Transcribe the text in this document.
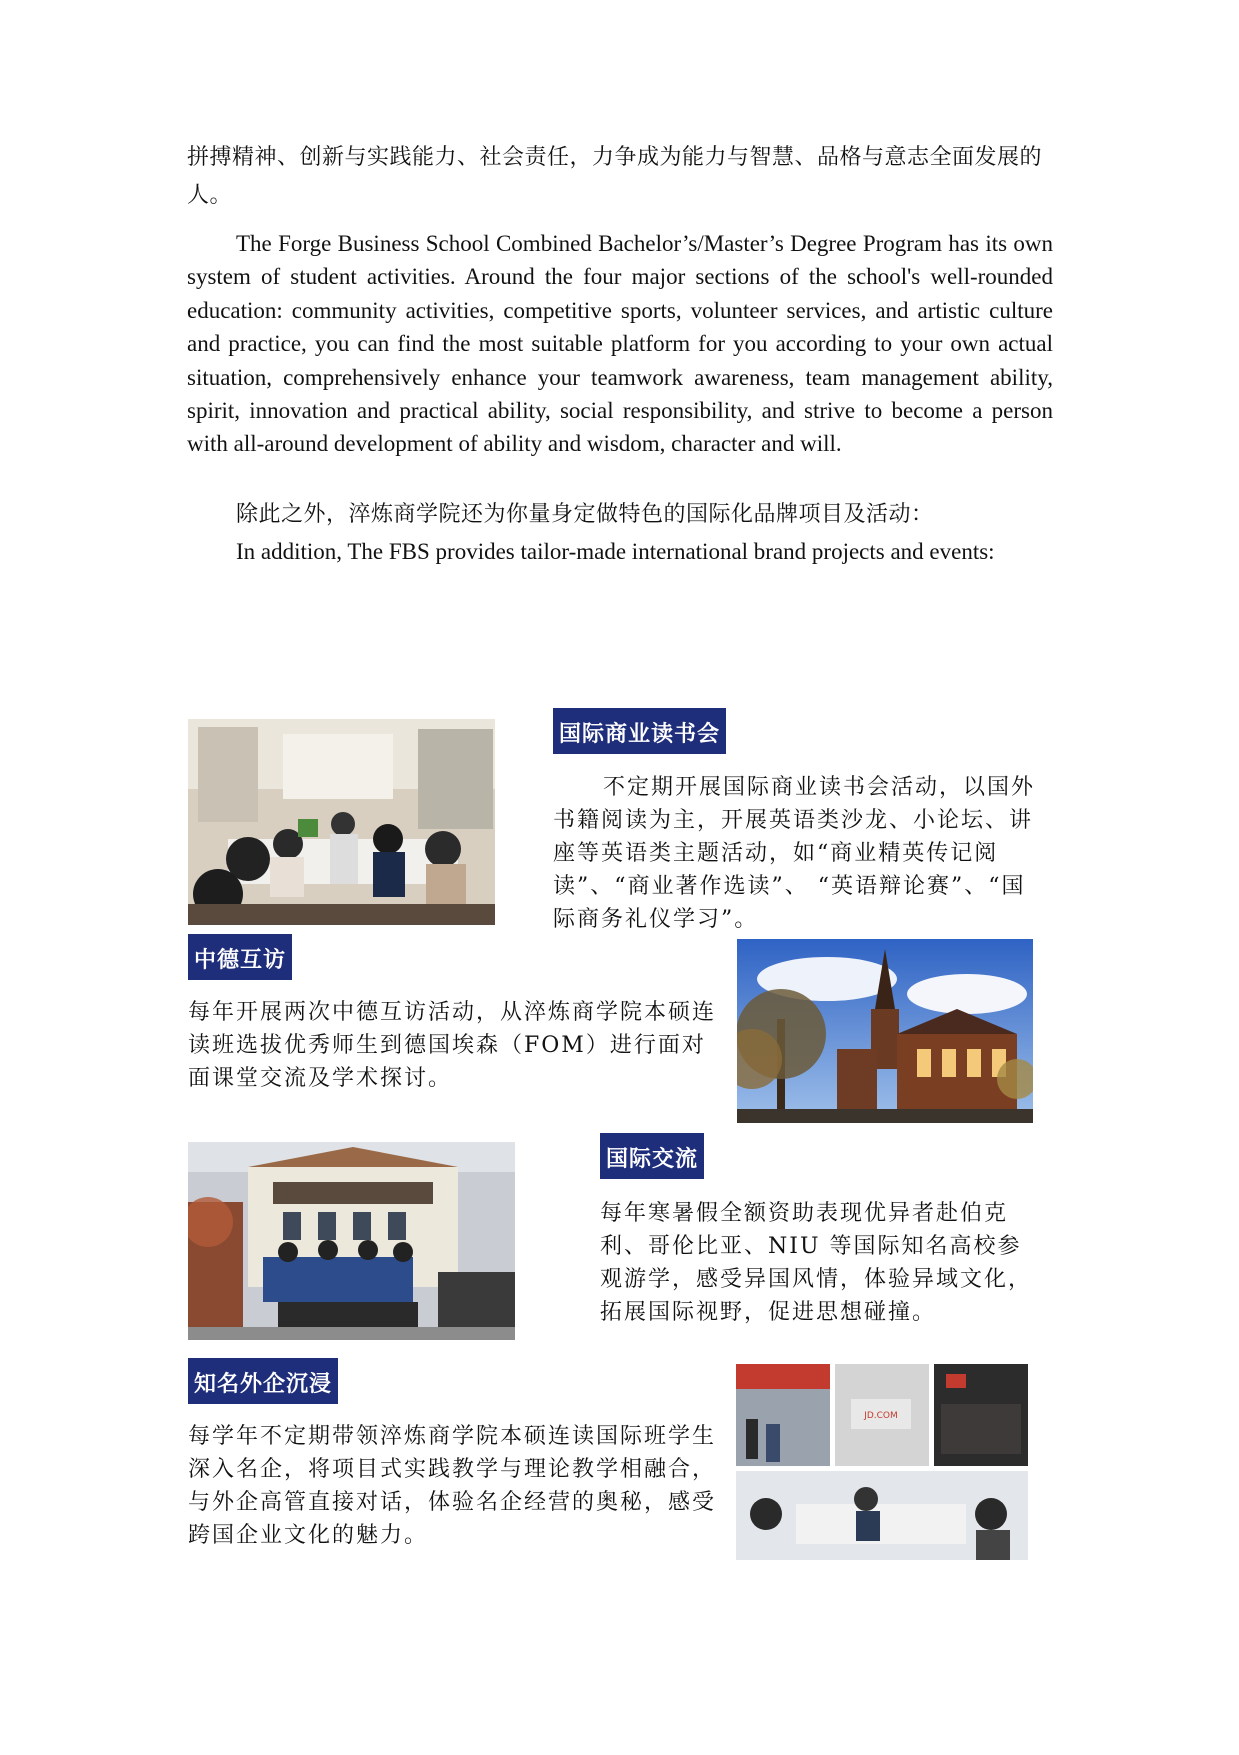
拼搏精神、创新与实践能力、社会责任，力争成为能力与智慧、品格与意志全面发展的人。

The Forge Business School Combined Bachelor’s/Master’s Degree Program has its own system of student activities. Around the four major sections of the school's well-rounded education: community activities, competitive sports, volunteer services, and artistic culture and practice, you can find the most suitable platform for you according to your own actual situation, comprehensively enhance your teamwork awareness, team management ability, spirit, innovation and practical ability, social responsibility, and strive to become a person with all-around development of ability and wisdom, character and will.

除此之外，淬炼商学院还为你量身定做特色的国际化品牌项目及活动：

In addition, The FBS provides tailor-made international brand projects and events:

国际商业读书会

不定期开展国际商业读书会活动，以国外书籍阅读为主，开展英语类沙龙、小论坛、讲座等英语类主题活动，如“商业精英传记阅读”、“商业著作选读”、 “英语辩论赛”、“国际商务礼仪学习”。

中德互访

每年开展两次中德互访活动，从淬炼商学院本硕连读班选拔优秀师生到德国埃森（FOM）进行面对面课堂交流及学术探讨。

国际交流

每年寒暑假全额资助表现优异者赴伯克利、哥伦比亚、NIU 等国际知名高校参观游学，感受异国风情，体验异域文化，拓展国际视野，促进思想碰撞。

知名外企沉浸

每学年不定期带领淬炼商学院本硕连读国际班学生深入名企，将项目式实践教学与理论教学相融合，与外企高管直接对话，体验名企经营的奥秘，感受跨国企业文化的魅力。

JD.COM
